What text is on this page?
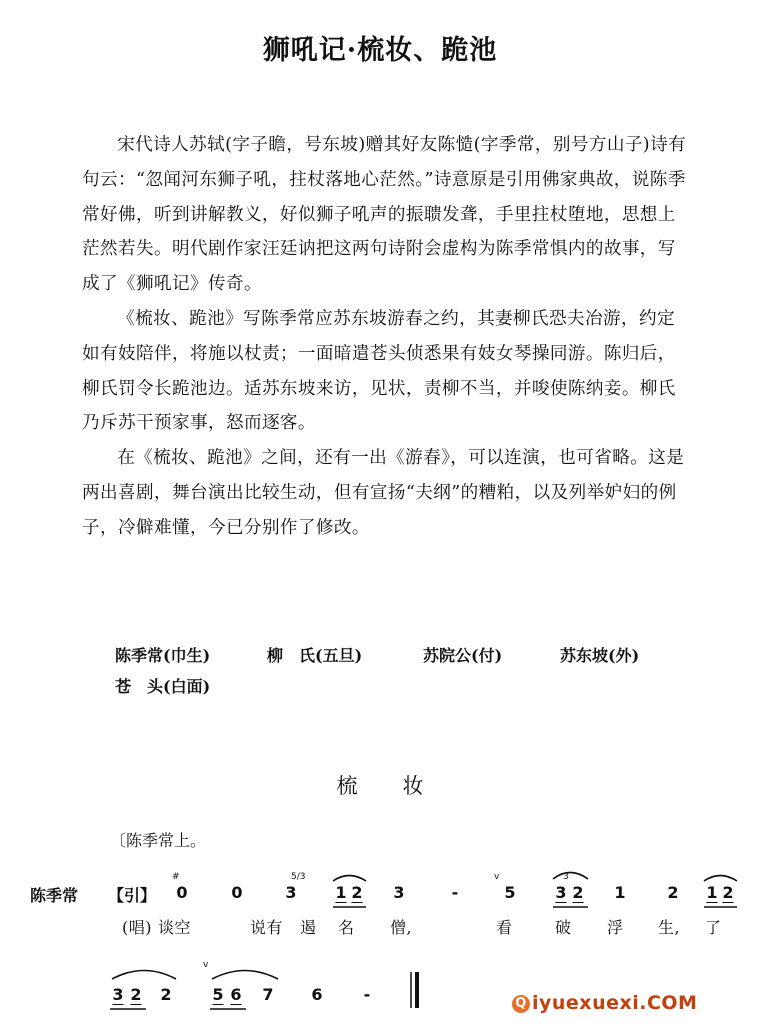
狮吼记·梳妆、跪池

宋代诗人苏轼(字子瞻，号东坡)赠其好友陈慥(字季常，别号方山子)诗有句云：“忽闻河东狮子吼，拄杖落地心茫然。”诗意原是引用佛家典故，说陈季常好佛，听到讲解教义，好似狮子吼声的振聩发聋，手里拄杖堕地，思想上茫然若失。明代剧作家汪廷讷把这两句诗附会虚构为陈季常惧内的故事，写成了《狮吼记》传奇。

《梳妆、跪池》写陈季常应苏东坡游春之约，其妻柳氏恐夫冶游，约定如有妓陪伴，将施以杖责；一面暗遣苍头侦悉果有妓女琴操同游。陈归后，柳氏罚令长跪池边。适苏东坡来访，见状，责柳不当，并唆使陈纳妾。柳氏乃斥苏干预家事，怒而逐客。

在《梳妆、跪池》之间，还有一出《游春》，可以连演，也可省略。这是两出喜剧，舞台演出比较生动，但有宣扬“夫纲”的糟粕，以及列举妒妇的例子，冷僻难懂，今已分别作了修改。

陈季常(巾生)	柳　氏(五旦)	苏院公(付)	苏东坡(外)
苍　头(白面)
梳妆
〔陈季常上。
陈季常 【引】
#
0	0
5/3
3 1 2 3	-
v
5
3
3 2 1	2 1 2
(唱) 谈空	说有 遏 名 僧,	看	破 浮 生, 了
3 2 2
v
5 6 7 6	-	Q iyuexuexi.COM
